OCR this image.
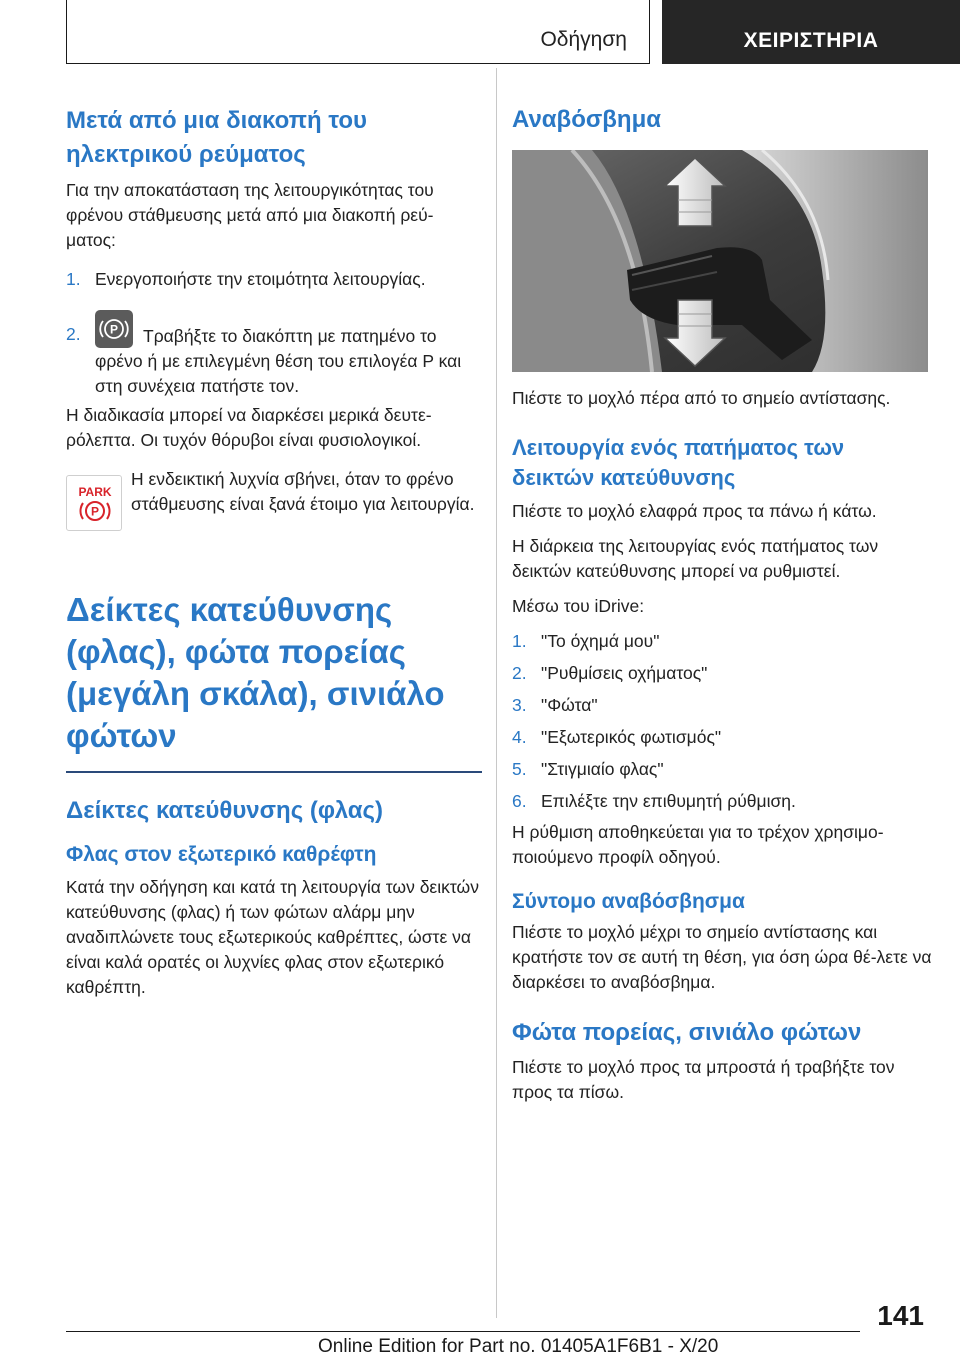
Οδήγηση	ΧΕΙΡΙΣΤΗΡΙΑ
Μετά από μια διακοπή του ηλεκτρικού ρεύματος
Για την αποκατάσταση της λειτουργικότητας του φρένου στάθμευσης μετά από μια διακοπή ρεύ-ματος:
1. Ενεργοποιήστε την ετοιμότητα λειτουργίας.
2. P Τραβήξτε το διακόπτη με πατημένο το φρένο ή με επιλεγμένη θέση του επιλογέα P και στη συνέχεια πατήστε τον.
Η διαδικασία μπορεί να διαρκέσει μερικά δευτε-ρόλεπτα. Οι τυχόν θόρυβοι είναι φυσιολογικοί.
PARK
P
Η ενδεικτική λυχνία σβήνει, όταν το φρένο στάθμευσης είναι ξανά έτοιμο για λειτουργία.
Δείκτες κατεύθυνσης (φλας), φώτα πορείας (μεγάλη σκάλα), σινιάλο φώτων
Δείκτες κατεύθυνσης (φλας)
Φλας στον εξωτερικό καθρέφτη
Κατά την οδήγηση και κατά τη λειτουργία των δεικτών κατεύθυνσης (φλας) ή των φώτων αλάρμ μην αναδιπλώνετε τους εξωτερικούς καθρέπτες, ώστε να είναι καλά ορατές οι λυχνίες φλας στον εξωτερικό καθρέπτη.
Αναβόσβημα
Πιέστε το μοχλό πέρα από το σημείο αντίστασης.
Λειτουργία ενός πατήματος των δεικτών κατεύθυνσης
Πιέστε το μοχλό ελαφρά προς τα πάνω ή κάτω.
Η διάρκεια της λειτουργίας ενός πατήματος των δεικτών κατεύθυνσης μπορεί να ρυθμιστεί.
Μέσω του iDrive:
1. "Το όχημά μου"
2. "Ρυθμίσεις οχήματος"
3. "Φώτα"
4. "Εξωτερικός φωτισμός"
5. "Στιγμιαίο φλας"
6. Επιλέξτε την επιθυμητή ρύθμιση.
Η ρύθμιση αποθηκεύεται για το τρέχον χρησιμο-ποιούμενο προφίλ οδηγού.
Σύντομο αναβόσβησμα
Πιέστε το μοχλό μέχρι το σημείο αντίστασης και κρατήστε τον σε αυτή τη θέση, για όση ώρα θέ-λετε να διαρκέσει το αναβόσβημα.
Φώτα πορείας, σινιάλο φώτων
Πιέστε το μοχλό προς τα μπροστά ή τραβήξτε τον προς τα πίσω.
141
Online Edition for Part no. 01405A1F6B1 - X/20
